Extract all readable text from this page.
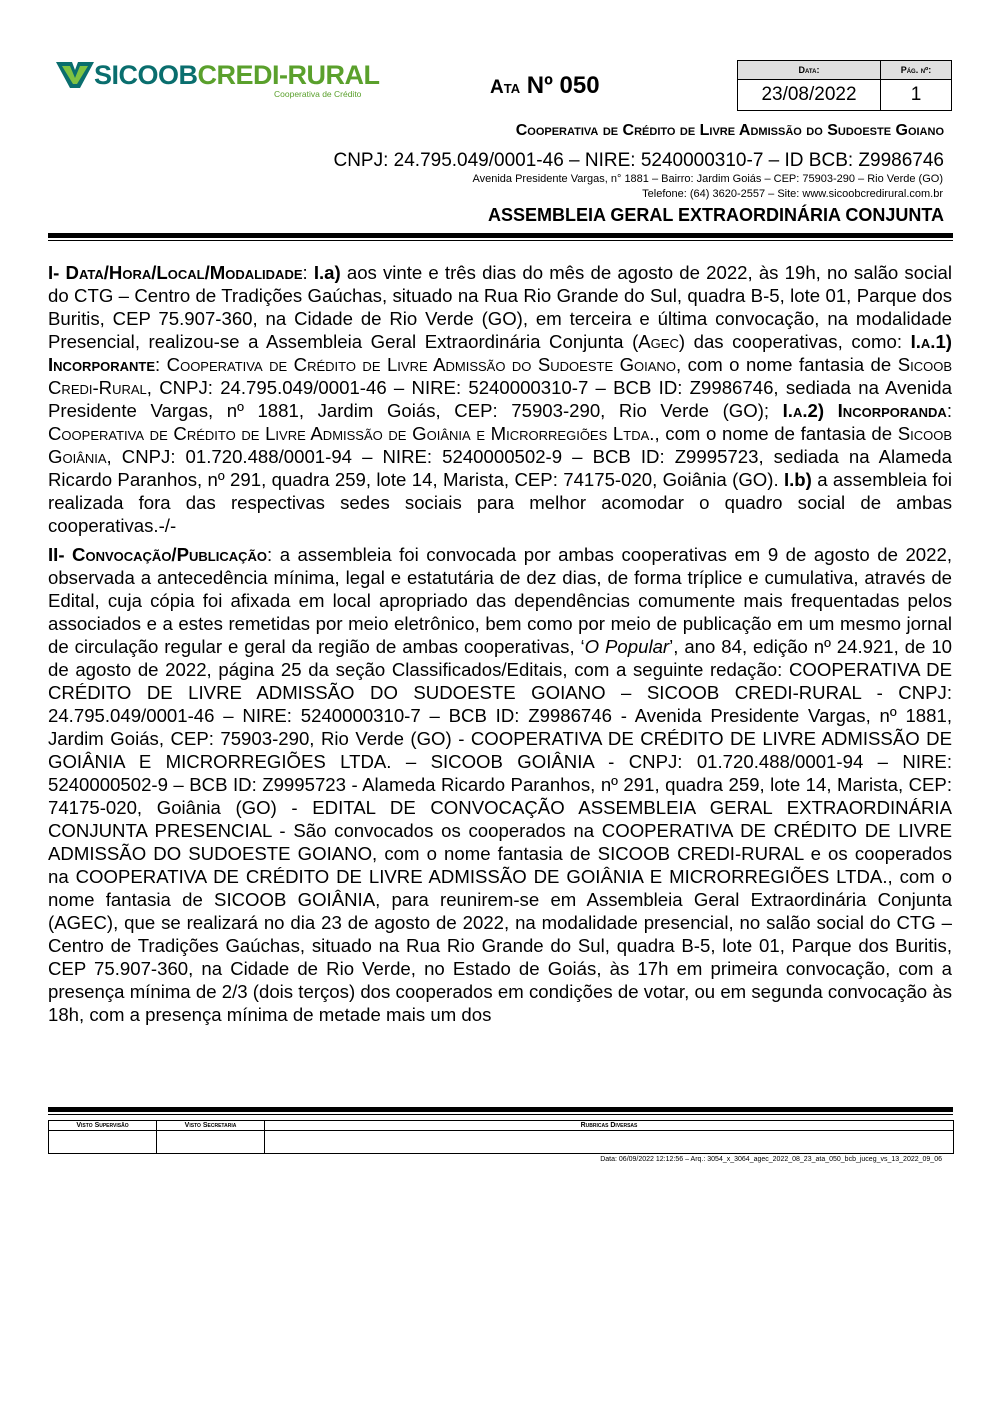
SICOOBCREDI-RURAL
Cooperativa de Crédito	Ata Nº 050
Data:	Pág. nº:
23/08/2022	1
Cooperativa de Crédito de Livre Admissão do Sudoeste Goiano
CNPJ: 24.795.049/0001-46 – NIRE: 5240000310-7 – ID BCB: Z9986746
Avenida Presidente Vargas, n° 1881 – Bairro: Jardim Goiás – CEP: 75903-290 – Rio Verde (GO)
Telefone: (64) 3620-2557 – Site: www.sicoobcredirural.com.br
ASSEMBLEIA GERAL EXTRAORDINÁRIA CONJUNTA

I- Data/Hora/Local/Modalidade: I.a) aos vinte e três dias do mês de agosto de 2022, às 19h, no salão social do CTG – Centro de Tradições Gaúchas, situado na Rua Rio Grande do Sul, quadra B-5, lote 01, Parque dos Buritis, CEP 75.907-360, na Cidade de Rio Verde (GO), em terceira e última convocação, na modalidade Presencial, realizou-se a Assembleia Geral Extraordinária Conjunta (Agec) das cooperativas, como: I.a.1) Incorporante: Cooperativa de Crédito de Livre Admissão do Sudoeste Goiano, com o nome fantasia de Sicoob Credi-Rural, CNPJ: 24.795.049/0001-46 – NIRE: 5240000310-7 – BCB ID: Z9986746, sediada na Avenida Presidente Vargas, nº 1881, Jardim Goiás, CEP: 75903-290, Rio Verde (GO); I.a.2) Incorporanda: Cooperativa de Crédito de Livre Admissão de Goiânia e Microrregiões Ltda., com o nome de fantasia de Sicoob Goiânia, CNPJ: 01.720.488/0001-94 – NIRE: 5240000502-9 – BCB ID: Z9995723, sediada na Alameda Ricardo Paranhos, nº 291, quadra 259, lote 14, Marista, CEP: 74175-020, Goiânia (GO). I.b) a assembleia foi realizada fora das respectivas sedes sociais para melhor acomodar o quadro social de ambas cooperativas.-/-

II- Convocação/Publicação: a assembleia foi convocada por ambas cooperativas em 9 de agosto de 2022, observada a antecedência mínima, legal e estatutária de dez dias, de forma tríplice e cumulativa, através de Edital, cuja cópia foi afixada em local apropriado das dependências comumente mais frequentadas pelos associados e a estes remetidas por meio eletrônico, bem como por meio de publicação em um mesmo jornal de circulação regular e geral da região de ambas cooperativas, ‘O Popular’, ano 84, edição nº 24.921, de 10 de agosto de 2022, página 25 da seção Classificados/Editais, com a seguinte redação: COOPERATIVA DE CRÉDITO DE LIVRE ADMISSÃO DO SUDOESTE GOIANO – SICOOB CREDI-RURAL - CNPJ: 24.795.049/0001-46 – NIRE: 5240000310-7 – BCB ID: Z9986746 - Avenida Presidente Vargas, nº 1881, Jardim Goiás, CEP: 75903-290, Rio Verde (GO) - COOPERATIVA DE CRÉDITO DE LIVRE ADMISSÃO DE GOIÂNIA E MICRORREGIÕES LTDA. – SICOOB GOIÂNIA - CNPJ: 01.720.488/0001-94 – NIRE: 5240000502-9 – BCB ID: Z9995723 - Alameda Ricardo Paranhos, nº 291, quadra 259, lote 14, Marista, CEP: 74175-020, Goiânia (GO) - EDITAL DE CONVOCAÇÃO ASSEMBLEIA GERAL EXTRAORDINÁRIA CONJUNTA PRESENCIAL - São convocados os cooperados na COOPERATIVA DE CRÉDITO DE LIVRE ADMISSÃO DO SUDOESTE GOIANO, com o nome fantasia de SICOOB CREDI-RURAL e os cooperados na COOPERATIVA DE CRÉDITO DE LIVRE ADMISSÃO DE GOIÂNIA E MICRORREGIÕES LTDA., com o nome fantasia de SICOOB GOIÂNIA, para reunirem-se em Assembleia Geral Extraordinária Conjunta (AGEC), que se realizará no dia 23 de agosto de 2022, na modalidade presencial, no salão social do CTG – Centro de Tradições Gaúchas, situado na Rua Rio Grande do Sul, quadra B-5, lote 01, Parque dos Buritis, CEP 75.907-360, na Cidade de Rio Verde, no Estado de Goiás, às 17h em primeira convocação, com a presença mínima de 2/3 (dois terços) dos cooperados em condições de votar, ou em segunda convocação às 18h, com a presença mínima de metade mais um dos

Visto Supervisão	Visto Secretaria	Rubricas Diversas

Data: 06/09/2022 12:12:56 – Arq.: 3054_x_3064_agec_2022_08_23_ata_050_bcb_juceg_vs_13_2022_09_06
